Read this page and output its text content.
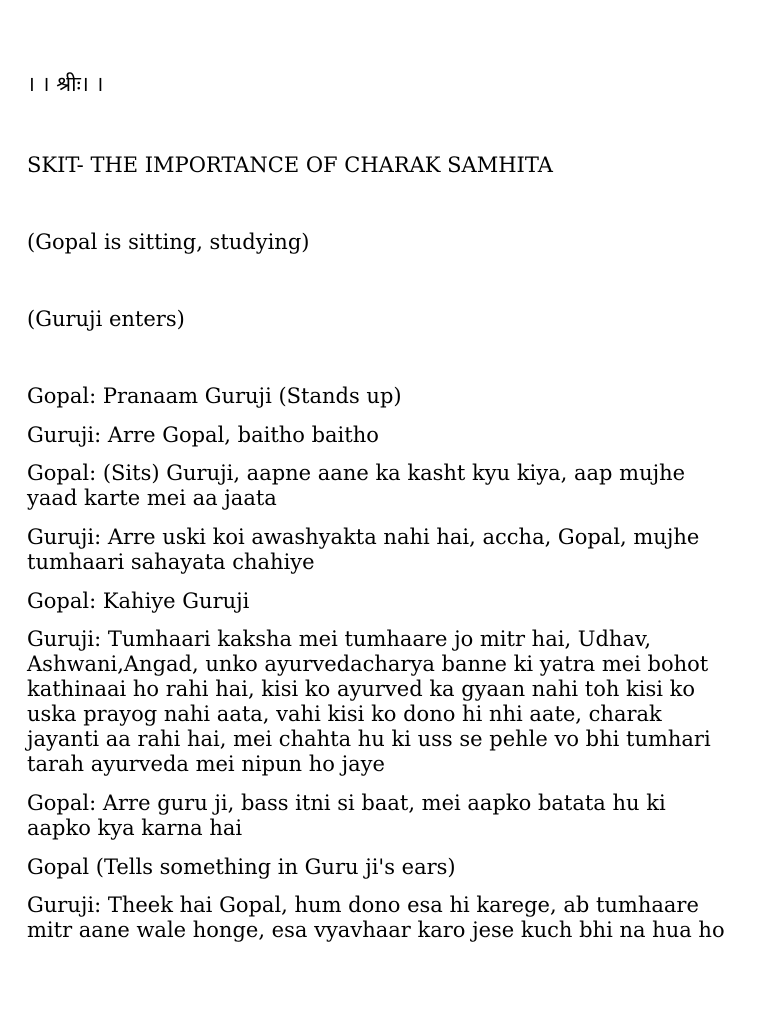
। । श्रीः। ।

SKIT- THE IMPORTANCE OF CHARAK SAMHITA

(Gopal is sitting, studying)

(Guruji enters)

Gopal: Pranaam Guruji (Stands up)

Guruji: Arre Gopal, baitho baitho

Gopal: (Sits) Guruji, aapne aane ka kasht kyu kiya, aap mujhe yaad karte mei aa jaata

Guruji: Arre uski koi awashyakta nahi hai, accha, Gopal, mujhe tumhaari sahayata chahiye

Gopal: Kahiye Guruji

Guruji: Tumhaari kaksha mei tumhaare jo mitr hai, Udhav, Ashwani,Angad, unko ayurvedacharya banne ki yatra mei bohot kathinaai ho rahi hai, kisi ko ayurved ka gyaan nahi toh kisi ko uska prayog nahi aata, vahi kisi ko dono hi nhi aate, charak jayanti aa rahi hai, mei chahta hu ki uss se pehle vo bhi tumhari tarah ayurveda mei nipun ho jaye

Gopal: Arre guru ji, bass itni si baat, mei aapko batata hu ki aapko kya karna hai

Gopal (Tells something in Guru ji's ears)

Guruji: Theek hai Gopal, hum dono esa hi karege, ab tumhaare mitr aane wale honge, esa vyavhaar karo jese kuch bhi na hua ho
